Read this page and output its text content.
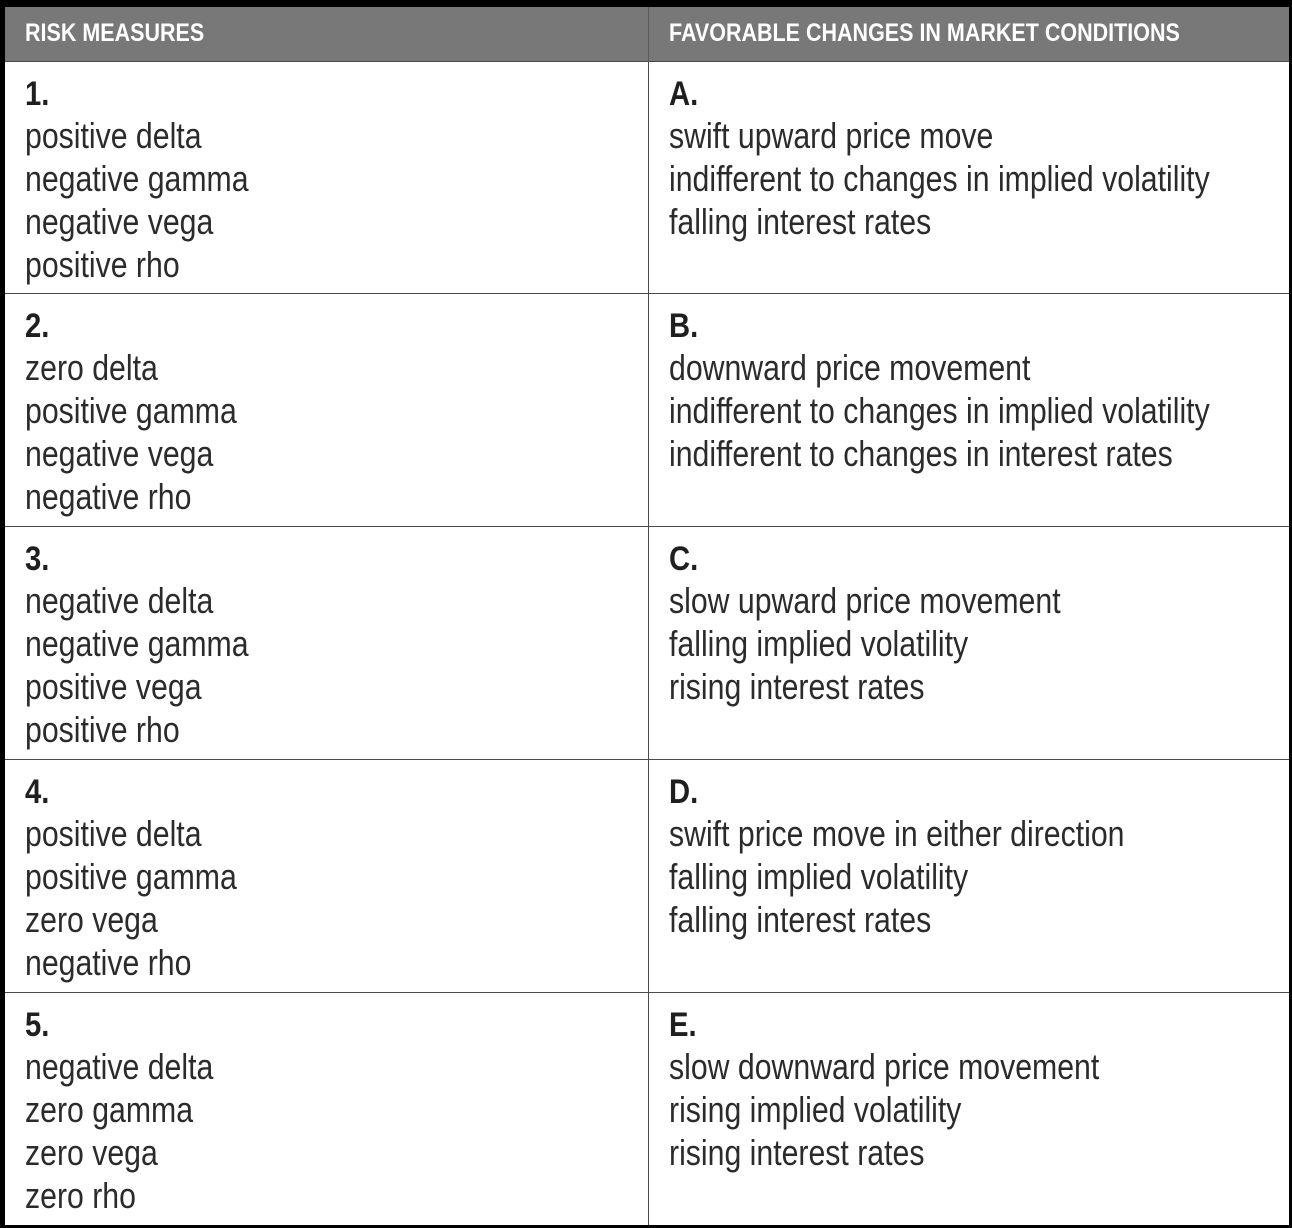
RISK MEASURES	FAVORABLE CHANGES IN MARKET CONDITIONS

1.
positive delta
negative gamma
negative vega
positive rho	A.
swift upward price move
indifferent to changes in implied volatility
falling interest rates

2.
zero delta
positive gamma
negative vega
negative rho	B.
downward price movement
indifferent to changes in implied volatility
indifferent to changes in interest rates

3.
negative delta
negative gamma
positive vega
positive rho	C.
slow upward price movement
falling implied volatility
rising interest rates

4.
positive delta
positive gamma
zero vega
negative rho	D.
swift price move in either direction
falling implied volatility
falling interest rates

5.
negative delta
zero gamma
zero vega
zero rho	E.
slow downward price movement
rising implied volatility
rising interest rates
